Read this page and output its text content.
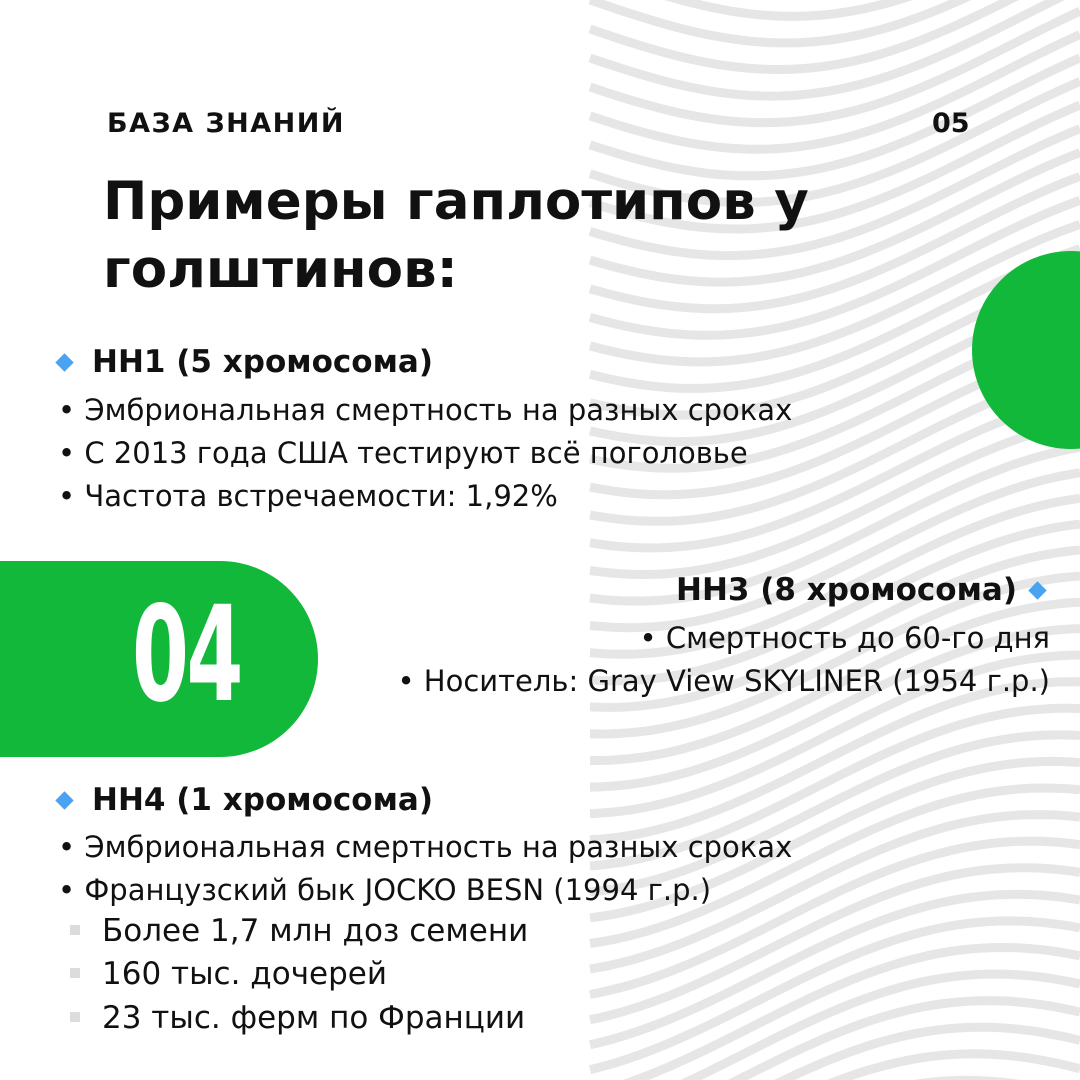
04
БАЗА ЗНАНИЙ	05
Примеры гаплотипов у голштинов:
HH1 (5 хромосома)
• Эмбриональная смертность на разных сроках
• С 2013 года США тестируют всё поголовье
• Частота встречаемости: 1,92%
HH3 (8 хромосома)
• Смертность до 60-го дня
• Носитель: Gray View SKYLINER (1954 г.р.)
HH4 (1 хромосома)
• Эмбриональная смертность на разных сроках
• Французский бык JOCKO BESN (1994 г.р.)
Более 1,7 млн доз семени
160 тыс. дочерей
23 тыс. ферм по Франции
